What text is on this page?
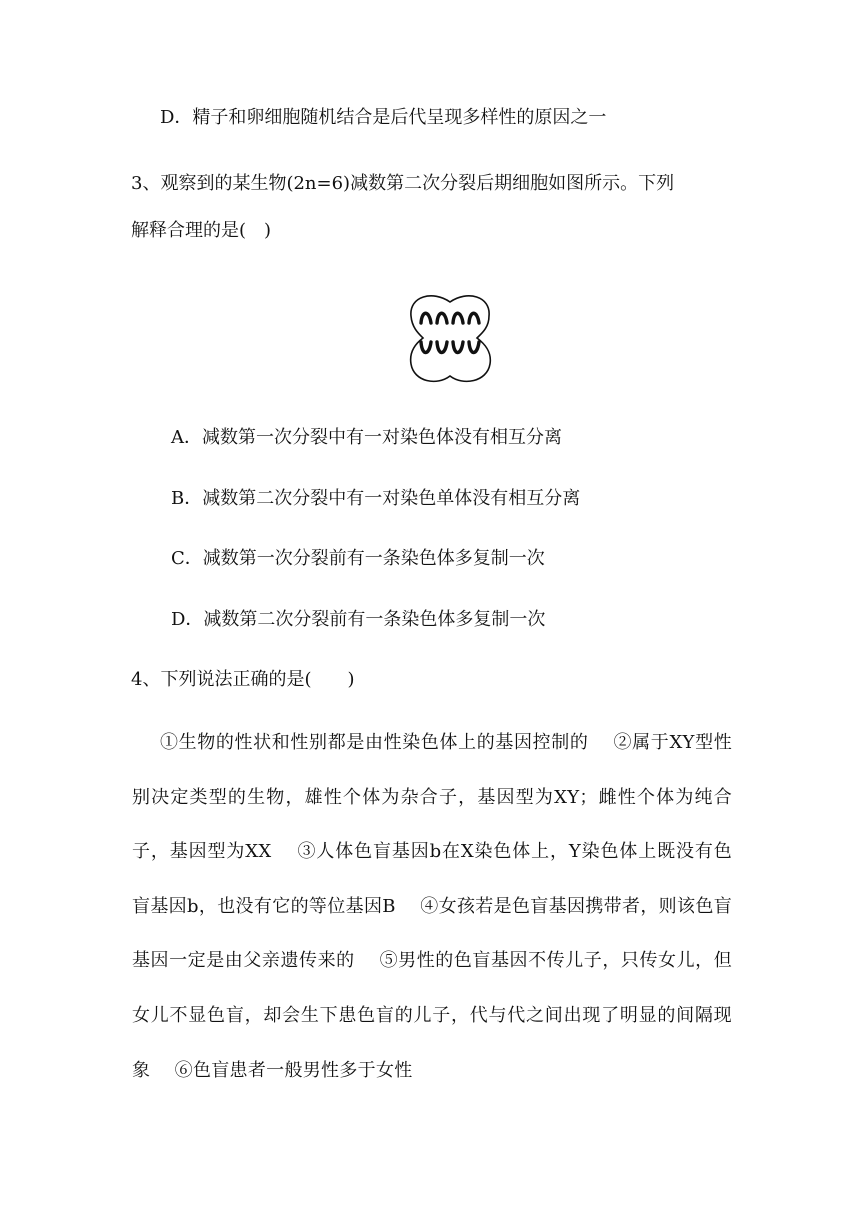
D．精子和卵细胞随机结合是后代呈现多样性的原因之一
3、观察到的某生物(2n=6)减数第二次分裂后期细胞如图所示。下列
解释合理的是(　)
A．减数第一次分裂中有一对染色体没有相互分离
B．减数第二次分裂中有一对染色单体没有相互分离
C．减数第一次分裂前有一条染色体多复制一次
D．减数第二次分裂前有一条染色体多复制一次
4、下列说法正确的是(　　)
①生物的性状和性别都是由性染色体上的基因控制的　 ②属于XY型性别决定类型的生物，雄性个体为杂合子，基因型为XY；雌性个体为纯合子，基因型为XX　 ③人体色盲基因b在X染色体上，Y染色体上既没有色盲基因b，也没有它的等位基因B　 ④女孩若是色盲基因携带者，则该色盲基因一定是由父亲遗传来的　 ⑤男性的色盲基因不传儿子，只传女儿，但女儿不显色盲，却会生下患色盲的儿子，代与代之间出现了明显的间隔现象　 ⑥色盲患者一般男性多于女性
